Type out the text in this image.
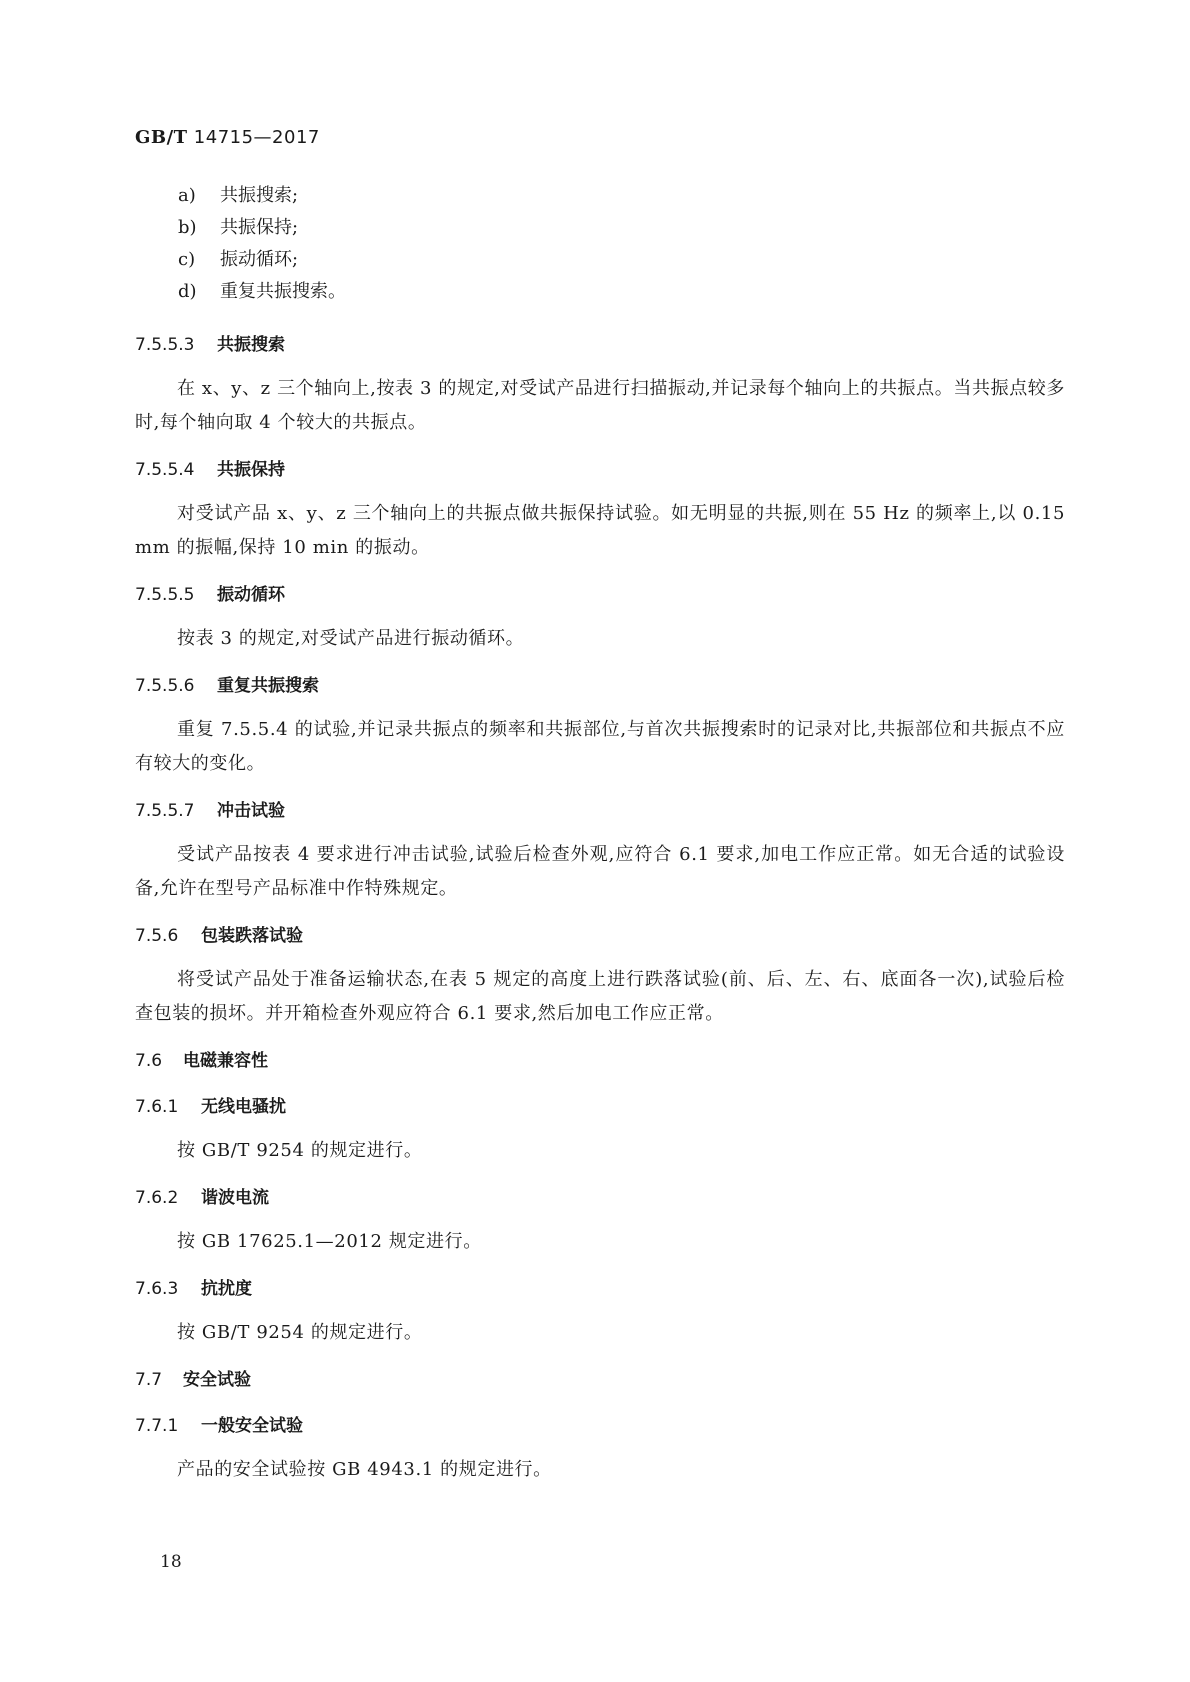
GB/T 14715—2017
a) 共振搜索;
b) 共振保持;
c) 振动循环;
d) 重复共振搜索。
7.5.5.3 共振搜索

在 x、y、z 三个轴向上,按表 3 的规定,对受试产品进行扫描振动,并记录每个轴向上的共振点。当共振点较多时,每个轴向取 4 个较大的共振点。

7.5.5.4 共振保持

对受试产品 x、y、z 三个轴向上的共振点做共振保持试验。如无明显的共振,则在 55 Hz 的频率上,以 0.15 mm 的振幅,保持 10 min 的振动。

7.5.5.5 振动循环

按表 3 的规定,对受试产品进行振动循环。

7.5.5.6 重复共振搜索

重复 7.5.5.4 的试验,并记录共振点的频率和共振部位,与首次共振搜索时的记录对比,共振部位和共振点不应有较大的变化。

7.5.5.7 冲击试验

受试产品按表 4 要求进行冲击试验,试验后检查外观,应符合 6.1 要求,加电工作应正常。如无合适的试验设备,允许在型号产品标准中作特殊规定。

7.5.6 包装跌落试验

将受试产品处于准备运输状态,在表 5 规定的高度上进行跌落试验(前、后、左、右、底面各一次),试验后检查包装的损坏。并开箱检查外观应符合 6.1 要求,然后加电工作应正常。

7.6 电磁兼容性
7.6.1 无线电骚扰

按 GB/T 9254 的规定进行。

7.6.2 谐波电流

按 GB 17625.1—2012 规定进行。

7.6.3 抗扰度

按 GB/T 9254 的规定进行。

7.7 安全试验
7.7.1 一般安全试验

产品的安全试验按 GB 4943.1 的规定进行。

18
